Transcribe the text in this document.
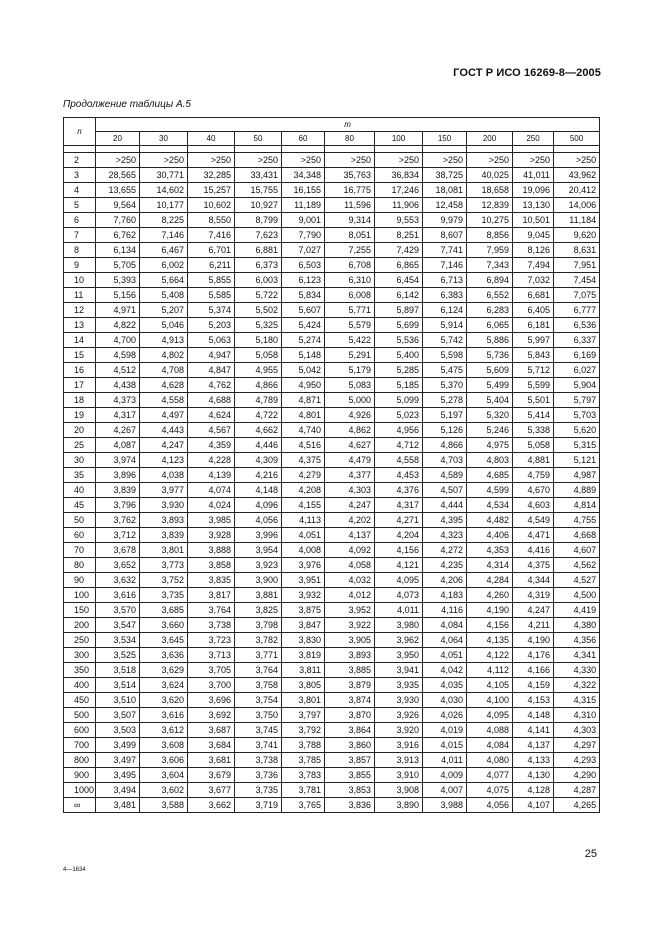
ГОСТ Р ИСО 16269-8—2005
Продолжение таблицы A.5
n	m										
	20	30	40	50	60	80	100	150	200	250	500

2	>250	>250	>250	>250	>250	>250	>250	>250	>250	>250	>250
3	28,565	30,771	32,285	33,431	34,348	35,763	36,834	38,725	40,025	41,011	43,962
4	13,655	14,602	15,257	15,755	16,155	16,775	17,246	18,081	18,658	19,096	20,412
5	9,564	10,177	10,602	10,927	11,189	11,596	11,906	12,458	12,839	13,130	14,006
6	7,760	8,225	8,550	8,799	9,001	9,314	9,553	9,979	10,275	10,501	11,184
7	6,762	7,146	7,416	7,623	7,790	8,051	8,251	8,607	8,856	9,045	9,620
8	6,134	6,467	6,701	6,881	7,027	7,255	7,429	7,741	7,959	8,126	8,631
9	5,705	6,002	6,211	6,373	6,503	6,708	6,865	7,146	7,343	7,494	7,951
10	5,393	5,664	5,855	6,003	6,123	6,310	6,454	6,713	6,894	7,032	7,454
11	5,156	5,408	5,585	5,722	5,834	6,008	6,142	6,383	6,552	6,681	7,075
12	4,971	5,207	5,374	5,502	5,607	5,771	5,897	6,124	6,283	6,405	6,777
13	4,822	5,046	5,203	5,325	5,424	5,579	5,699	5,914	6,065	6,181	6,536
14	4,700	4,913	5,063	5,180	5,274	5,422	5,536	5,742	5,886	5,997	6,337
15	4,598	4,802	4,947	5,058	5,148	5,291	5,400	5,598	5,736	5,843	6,169
16	4,512	4,708	4,847	4,955	5,042	5,179	5,285	5,475	5,609	5,712	6,027
17	4,438	4,628	4,762	4,866	4,950	5,083	5,185	5,370	5,499	5,599	5,904
18	4,373	4,558	4,688	4,789	4,871	5,000	5,099	5,278	5,404	5,501	5,797
19	4,317	4,497	4,624	4,722	4,801	4,926	5,023	5,197	5,320	5,414	5,703
20	4,267	4,443	4,567	4,662	4,740	4,862	4,956	5,126	5,246	5,338	5,620
25	4,087	4,247	4,359	4,446	4,516	4,627	4,712	4,866	4,975	5,058	5,315
30	3,974	4,123	4,228	4,309	4,375	4,479	4,558	4,703	4,803	4,881	5,121
35	3,896	4,038	4,139	4,216	4,279	4,377	4,453	4,589	4,685	4,759	4,987
40	3,839	3,977	4,074	4,148	4,208	4,303	4,376	4,507	4,599	4,670	4,889
45	3,796	3,930	4,024	4,096	4,155	4,247	4,317	4,444	4,534	4,603	4,814
50	3,762	3,893	3,985	4,056	4,113	4,202	4,271	4,395	4,482	4,549	4,755
60	3,712	3,839	3,928	3,996	4,051	4,137	4,204	4,323	4,406	4,471	4,668
70	3,678	3,801	3,888	3,954	4,008	4,092	4,156	4,272	4,353	4,416	4,607
80	3,652	3,773	3,858	3,923	3,976	4,058	4,121	4,235	4,314	4,375	4,562
90	3,632	3,752	3,835	3,900	3,951	4,032	4,095	4,206	4,284	4,344	4,527
100	3,616	3,735	3,817	3,881	3,932	4,012	4,073	4,183	4,260	4,319	4,500
150	3,570	3,685	3,764	3,825	3,875	3,952	4,011	4,116	4,190	4,247	4,419
200	3,547	3,660	3,738	3,798	3,847	3,922	3,980	4,084	4,156	4,211	4,380
250	3,534	3,645	3,723	3,782	3,830	3,905	3,962	4,064	4,135	4,190	4,356
300	3,525	3,636	3,713	3,771	3,819	3,893	3,950	4,051	4,122	4,176	4,341
350	3,518	3,629	3,705	3,764	3,811	3,885	3,941	4,042	4,112	4,166	4,330
400	3,514	3,624	3,700	3,758	3,805	3,879	3,935	4,035	4,105	4,159	4,322
450	3,510	3,620	3,696	3,754	3,801	3,874	3,930	4,030	4,100	4,153	4,315
500	3,507	3,616	3,692	3,750	3,797	3,870	3,926	4,026	4,095	4,148	4,310
600	3,503	3,612	3,687	3,745	3,792	3,864	3,920	4,019	4,088	4,141	4,303
700	3,499	3,608	3,684	3,741	3,788	3,860	3,916	4,015	4,084	4,137	4,297
800	3,497	3,606	3,681	3,738	3,785	3,857	3,913	4,011	4,080	4,133	4,293
900	3,495	3,604	3,679	3,736	3,783	3,855	3,910	4,009	4,077	4,130	4,290
1000	3,494	3,602	3,677	3,735	3,781	3,853	3,908	4,007	4,075	4,128	4,287
∞	3,481	3,588	3,662	3,719	3,765	3,836	3,890	3,988	4,056	4,107	4,265
4—1634
25
